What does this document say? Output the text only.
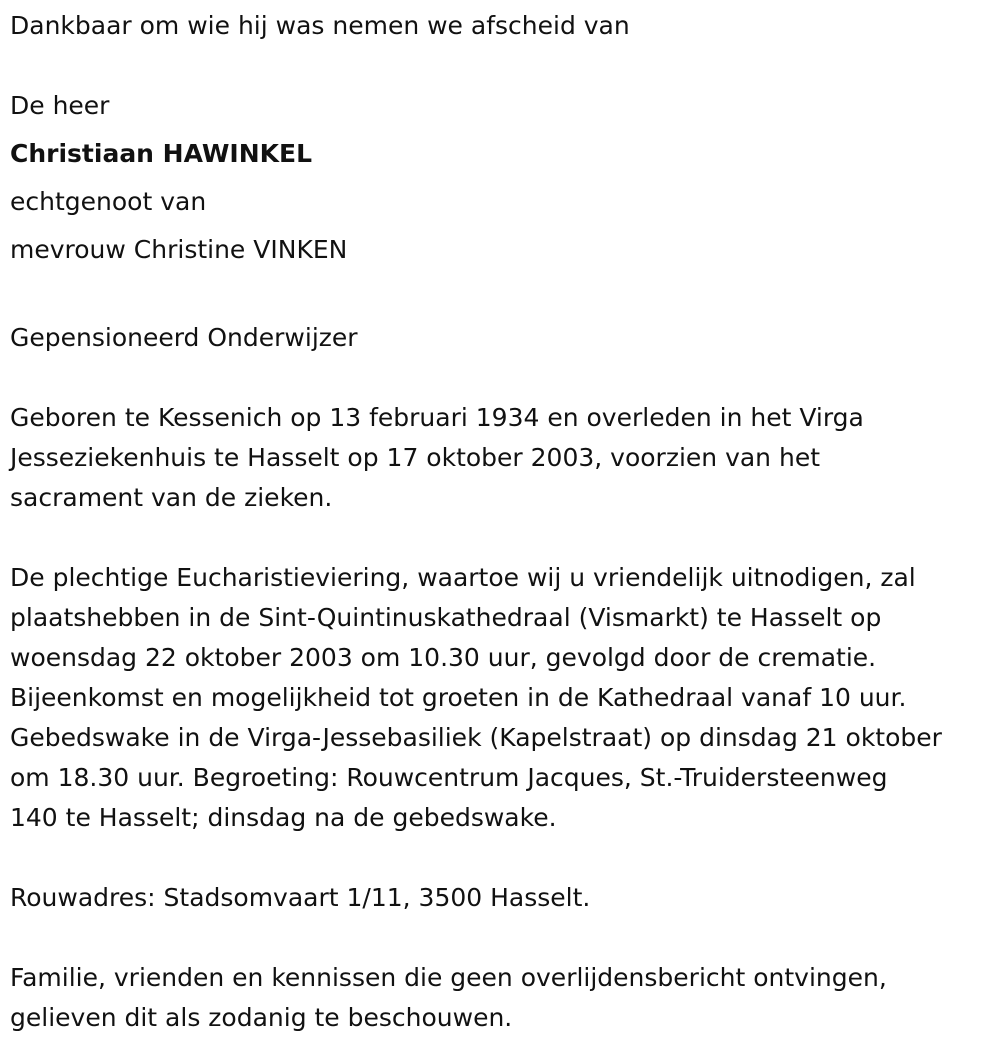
Dankbaar om wie hij was nemen we afscheid van
De heer
Christiaan HAWINKEL
echtgenoot van
mevrouw Christine VINKEN
Gepensioneerd Onderwijzer
Geboren te Kessenich op 13 februari 1934 en overleden in het Virga
Jesseziekenhuis te Hasselt op 17 oktober 2003, voorzien van het
sacrament van de zieken.
De plechtige Eucharistieviering, waartoe wij u vriendelijk uitnodigen, zal
plaatshebben in de Sint-Quintinuskathedraal (Vismarkt) te Hasselt op
woensdag 22 oktober 2003 om 10.30 uur, gevolgd door de crematie.
Bijeenkomst en mogelijkheid tot groeten in de Kathedraal vanaf 10 uur.
Gebedswake in de Virga-Jessebasiliek (Kapelstraat) op dinsdag 21 oktober
om 18.30 uur. Begroeting: Rouwcentrum Jacques, St.-Truidersteenweg
140 te Hasselt; dinsdag na de gebedswake.
Rouwadres: Stadsomvaart 1/11, 3500 Hasselt.
Familie, vrienden en kennissen die geen overlijdensbericht ontvingen,
gelieven dit als zodanig te beschouwen.
